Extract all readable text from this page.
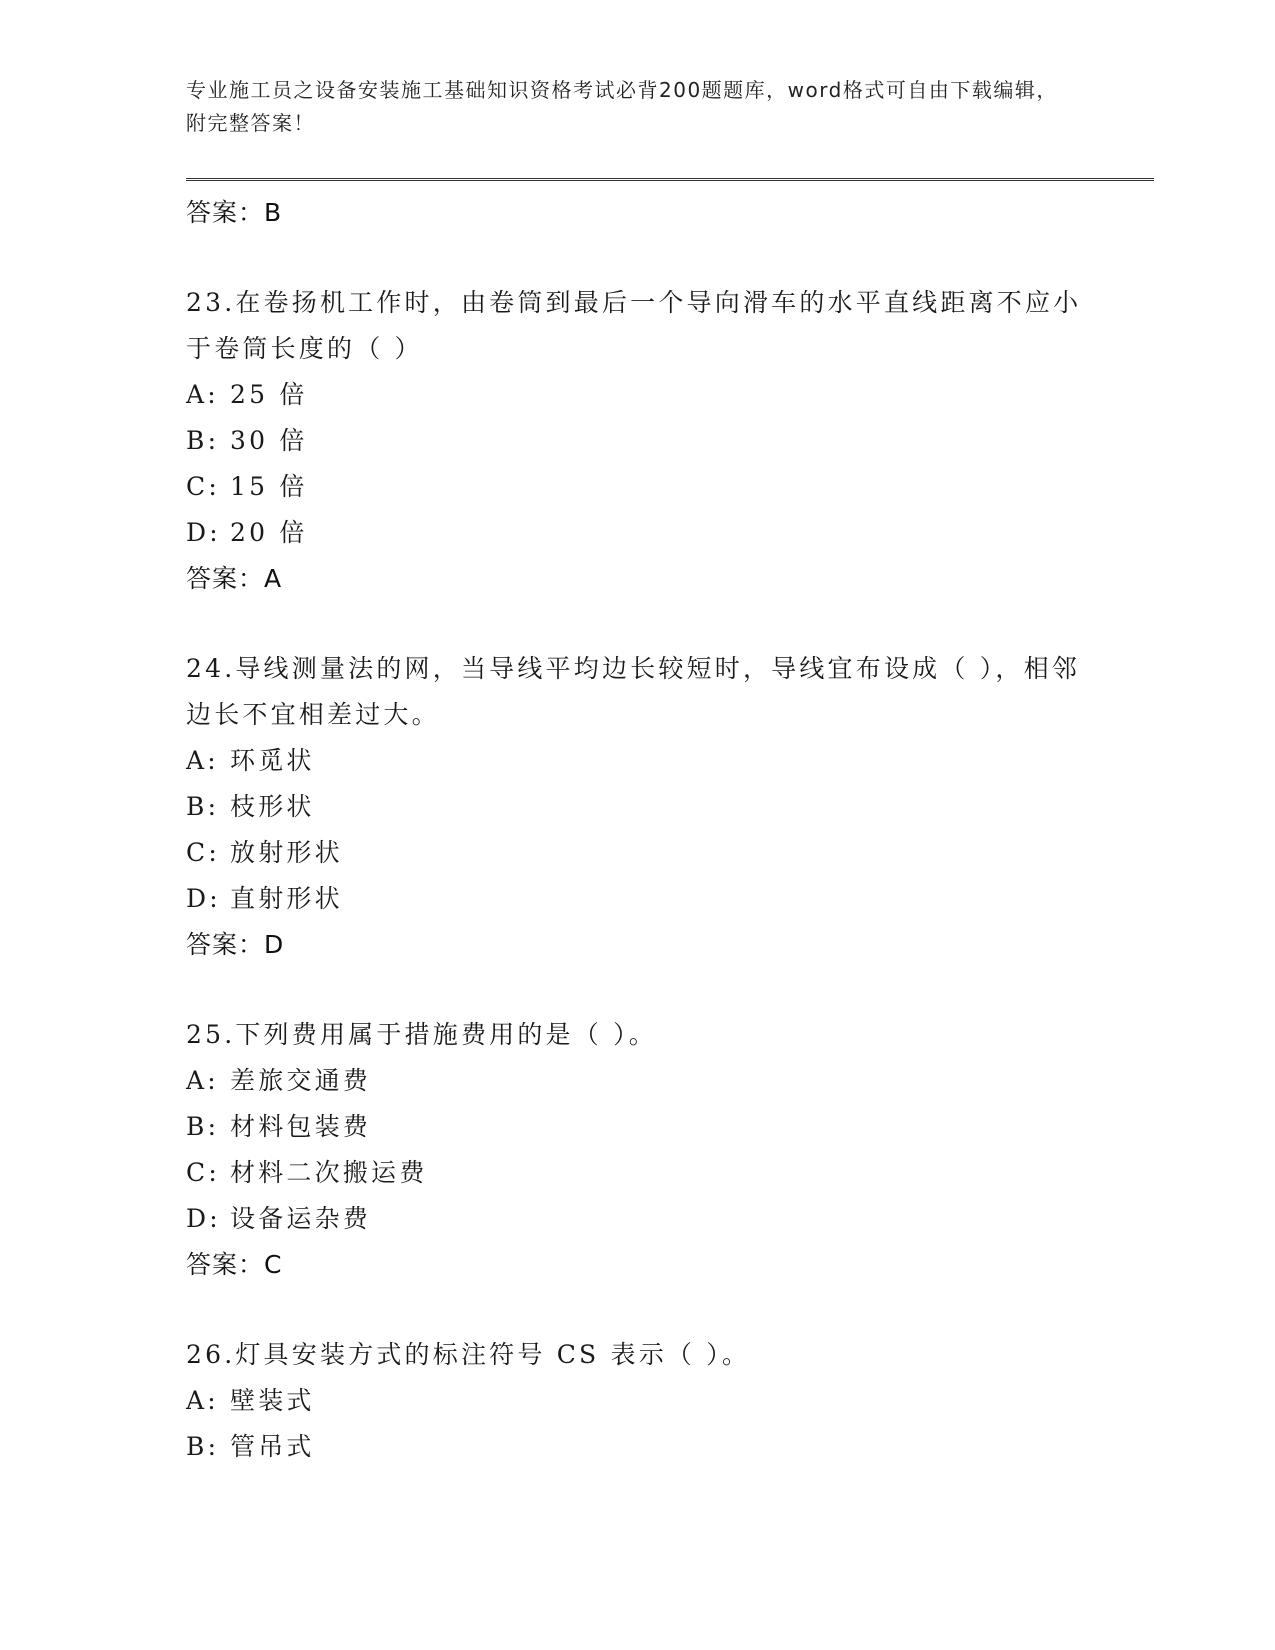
专业施工员之设备安装施工基础知识资格考试必背200题题库，word格式可自由下载编辑，附完整答案！
答案：B
23.在卷扬机工作时，由卷筒到最后一个导向滑车的水平直线距离不应小于卷筒长度的（ ）
A: 25 倍
B: 30 倍
C: 15 倍
D: 20 倍
答案：A
24.导线测量法的网，当导线平均边长较短时，导线宜布设成（ ），相邻边长不宜相差过大。
A: 环觅状
B: 枝形状
C: 放射形状
D: 直射形状
答案：D
25.下列费用属于措施费用的是（ ）。
A: 差旅交通费
B: 材料包装费
C: 材料二次搬运费
D: 设备运杂费
答案：C
26.灯具安装方式的标注符号 CS 表示（ ）。
A: 壁装式
B: 管吊式
